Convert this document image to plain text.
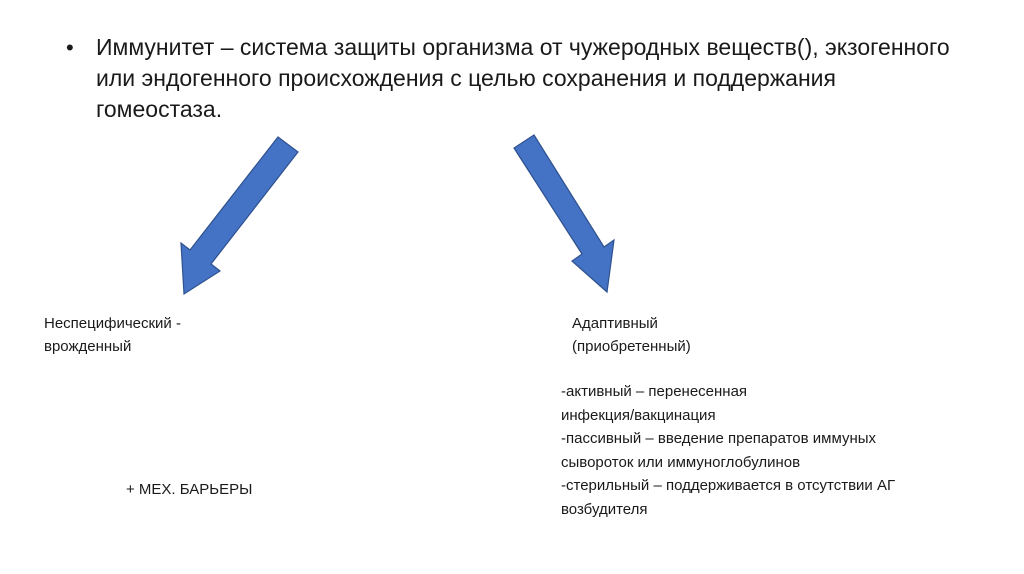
• Иммунитет – система защиты организма от чужеродных веществ(), экзогенного или эндогенного происхождения с целью сохранения и поддержания гомеостаза.
Неспецифический -
врожденный
Адаптивный
(приобретенный)
-активный – перенесенная
инфекция/вакцинация
-пассивный – введение препаратов иммуных
сывороток или иммуноглобулинов
-стерильный – поддерживается в отсутствии АГ
возбудителя
+ МЕХ. БАРЬЕРЫ
